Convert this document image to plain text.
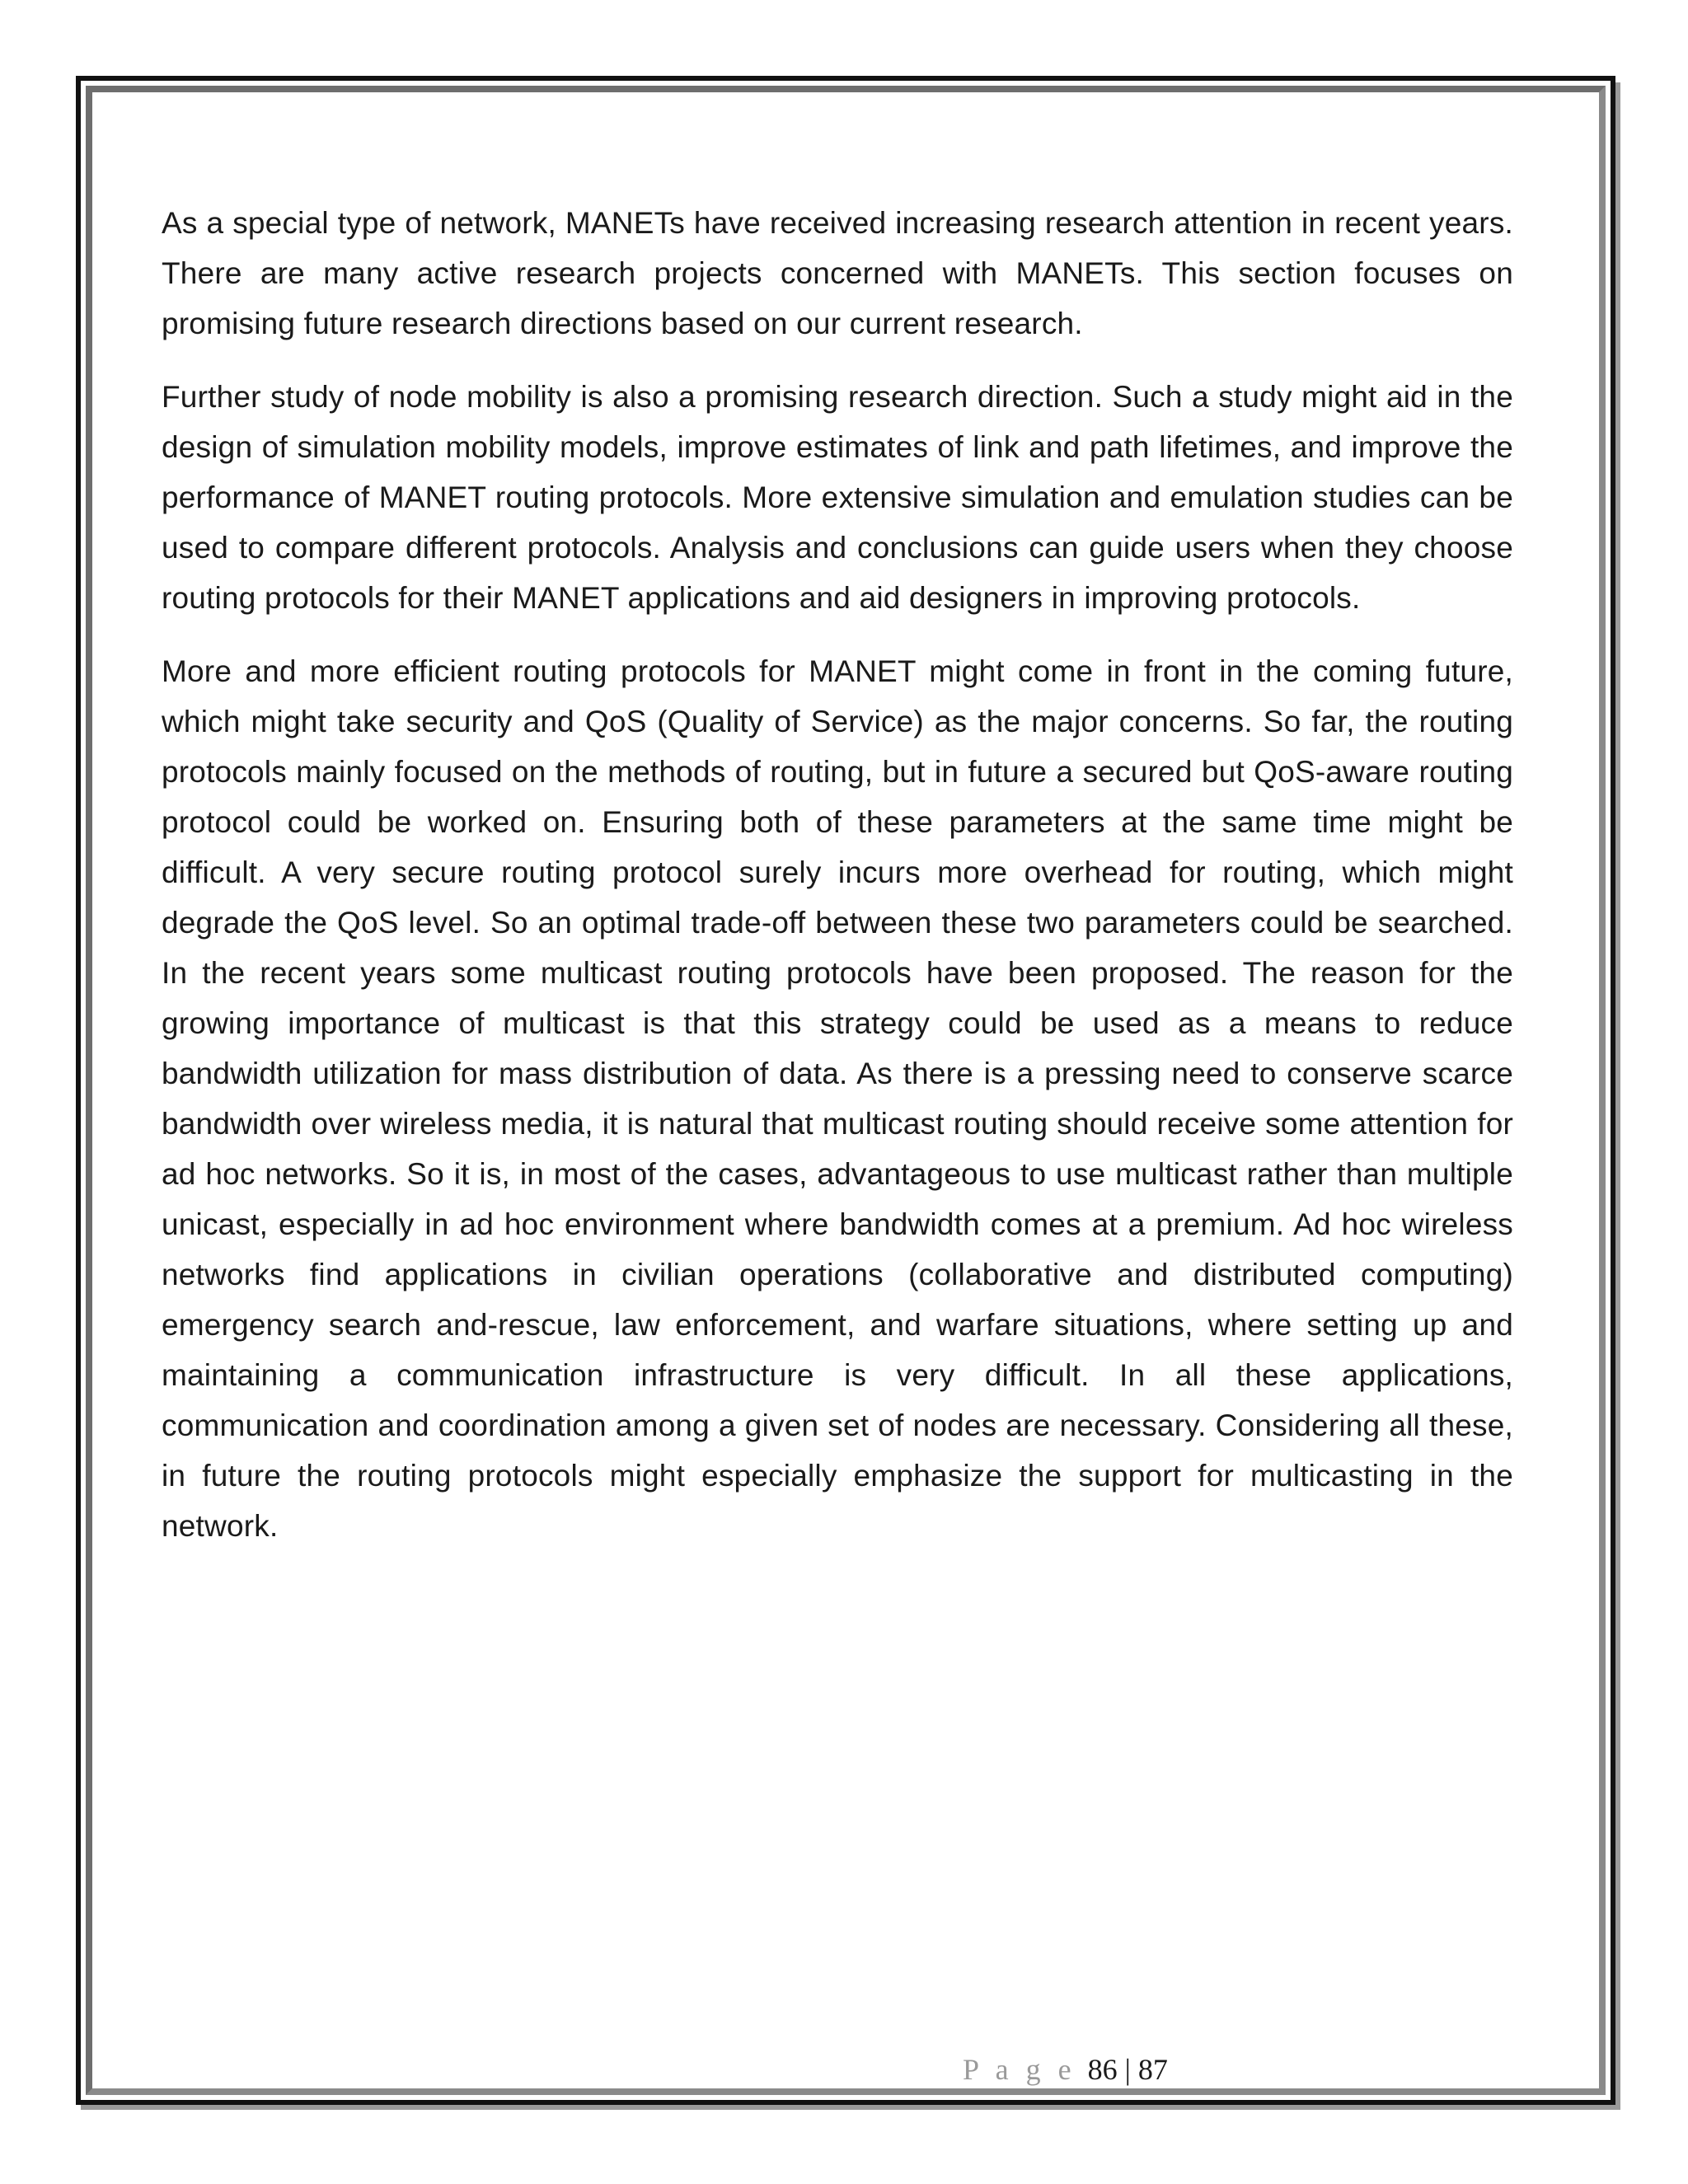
As a special type of network, MANETs have received increasing research attention in recent years. There are many active research projects concerned with MANETs. This section focuses on promising future research directions based on our current research.

Further study of node mobility is also a promising research direction. Such a study might aid in the design of simulation mobility models, improve estimates of link and path lifetimes, and improve the performance of MANET routing protocols. More extensive simulation and emulation studies can be used to compare different protocols. Analysis and conclusions can guide users when they choose routing protocols for their MANET applications and aid designers in improving protocols.

More and more efficient routing protocols for MANET might come in front in the coming future, which might take security and QoS (Quality of Service) as the major concerns. So far, the routing protocols mainly focused on the methods of routing, but in future a secured but QoS-aware routing protocol could be worked on. Ensuring both of these parameters at the same time might be difficult. A very secure routing protocol surely incurs more overhead for routing, which might degrade the QoS level. So an optimal trade-off between these two parameters could be searched. In the recent years some multicast routing protocols have been proposed. The reason for the growing importance of multicast is that this strategy could be used as a means to reduce bandwidth utilization for mass distribution of data. As there is a pressing need to conserve scarce bandwidth over wireless media, it is natural that multicast routing should receive some attention for ad hoc networks. So it is, in most of the cases, advantageous to use multicast rather than multiple unicast, especially in ad hoc environment where bandwidth comes at a premium. Ad hoc wireless networks find applications in civilian operations (collaborative and distributed computing) emergency search and-rescue, law enforcement, and warfare situations, where setting up and maintaining a communication infrastructure is very difficult. In all these applications, communication and coordination among a given set of nodes are necessary. Considering all these, in future the routing protocols might especially emphasize the support for multicasting in the network.

P a g e 86 | 87
